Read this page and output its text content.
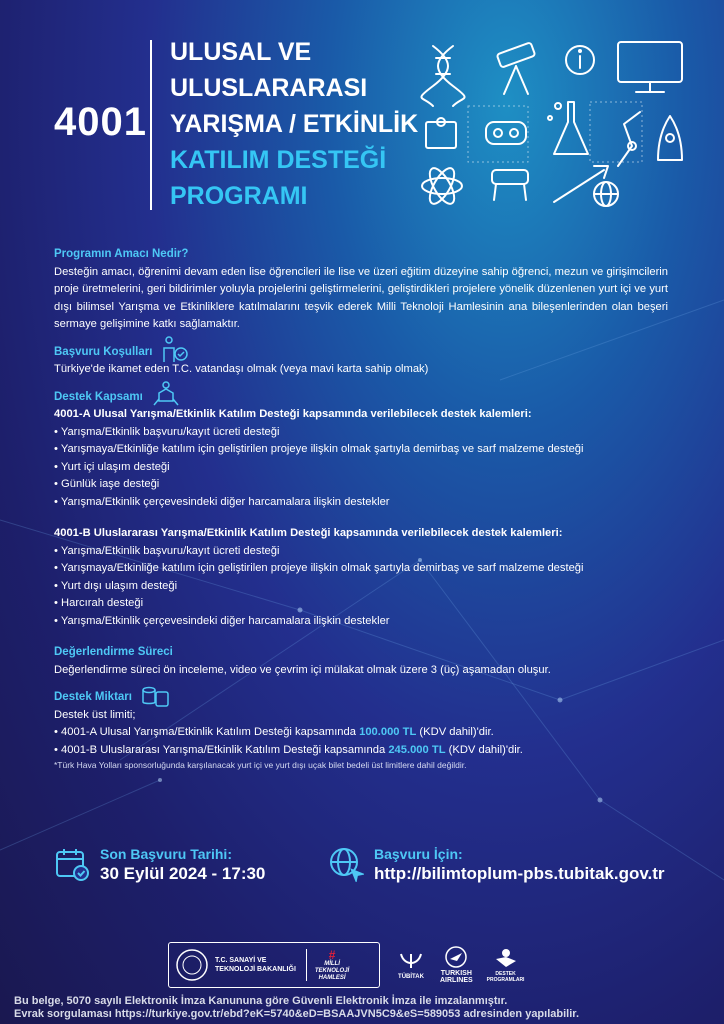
4001
ULUSAL VE
ULUSLARARASI
YARIŞMA / ETKİNLİK
KATILIM DESTEĞİ
PROGRAMI
Programın Amacı Nedir?

Desteğin amacı, öğrenimi devam eden lise öğrencileri ile lise ve üzeri eğitim düzeyine sahip öğrenci, mezun ve girişimcilerin proje üretmelerini, geri bildirimler yoluyla projelerini geliştirmelerini, geliştirdikleri projelere yönelik düzenlenen yurt içi ve yurt dışı bilimsel Yarışma ve Etkinliklere katılmalarını teşvik ederek Milli Teknoloji Hamlesinin ana bileşenlerinden olan beşeri sermaye gelişimine katkı sağlamaktır.

Başvuru Koşulları

Türkiye'de ikamet eden T.C. vatandaşı olmak (veya mavi karta sahip olmak)

Destek Kapsamı

4001-A Ulusal Yarışma/Etkinlik Katılım Desteği kapsamında verilebilecek destek kalemleri:

• Yarışma/Etkinlik başvuru/kayıt ücreti desteği
• Yarışmaya/Etkinliğe katılım için geliştirilen projeye ilişkin olmak şartıyla demirbaş ve sarf malzeme desteği
• Yurt içi ulaşım desteği
• Günlük iaşe desteği
• Yarışma/Etkinlik çerçevesindeki diğer harcamalara ilişkin destekler

4001-B Uluslararası Yarışma/Etkinlik Katılım Desteği kapsamında verilebilecek destek kalemleri:

• Yarışma/Etkinlik başvuru/kayıt ücreti desteği
• Yarışmaya/Etkinliğe katılım için geliştirilen projeye ilişkin olmak şartıyla demirbaş ve sarf malzeme desteği
• Yurt dışı ulaşım desteği
• Harcırah desteği
• Yarışma/Etkinlik çerçevesindeki diğer harcamalara ilişkin destekler
Değerlendirme Süreci

Değerlendirme süreci ön inceleme, video ve çevrim içi mülakat olmak üzere 3 (üç) aşamadan oluşur.

Destek Miktarı

Destek üst limiti;

• 4001-A Ulusal Yarışma/Etkinlik Katılım Desteği kapsamında 100.000 TL (KDV dahil)'dir.
• 4001-B Uluslararası Yarışma/Etkinlik Katılım Desteği kapsamında 245.000 TL (KDV dahil)'dir.
*Türk Hava Yolları sponsorluğunda karşılanacak yurt içi ve yurt dışı uçak bilet bedeli üst limitlere dahil değildir.
Son Başvuru Tarihi:
30 Eylül 2024 - 17:30
Başvuru İçin:
http://bilimtoplum-pbs.tubitak.gov.tr
T.C. SANAYİ VE
TEKNOLOJİ BAKANLIĞI
#
MİLLİ
TEKNOLOJİ
HAMLESİ	TÜBİTAK TURKISH
AIRLINES
DESTEK
PROGRAMLARI
Bu belge, 5070 sayılı Elektronik İmza Kanununa göre Güvenli Elektronik İmza ile imzalanmıştır.
Evrak sorgulaması https://turkiye.gov.tr/ebd?eK=5740&eD=BSAAJVN5C9&eS=589053 adresinden yapılabilir.
